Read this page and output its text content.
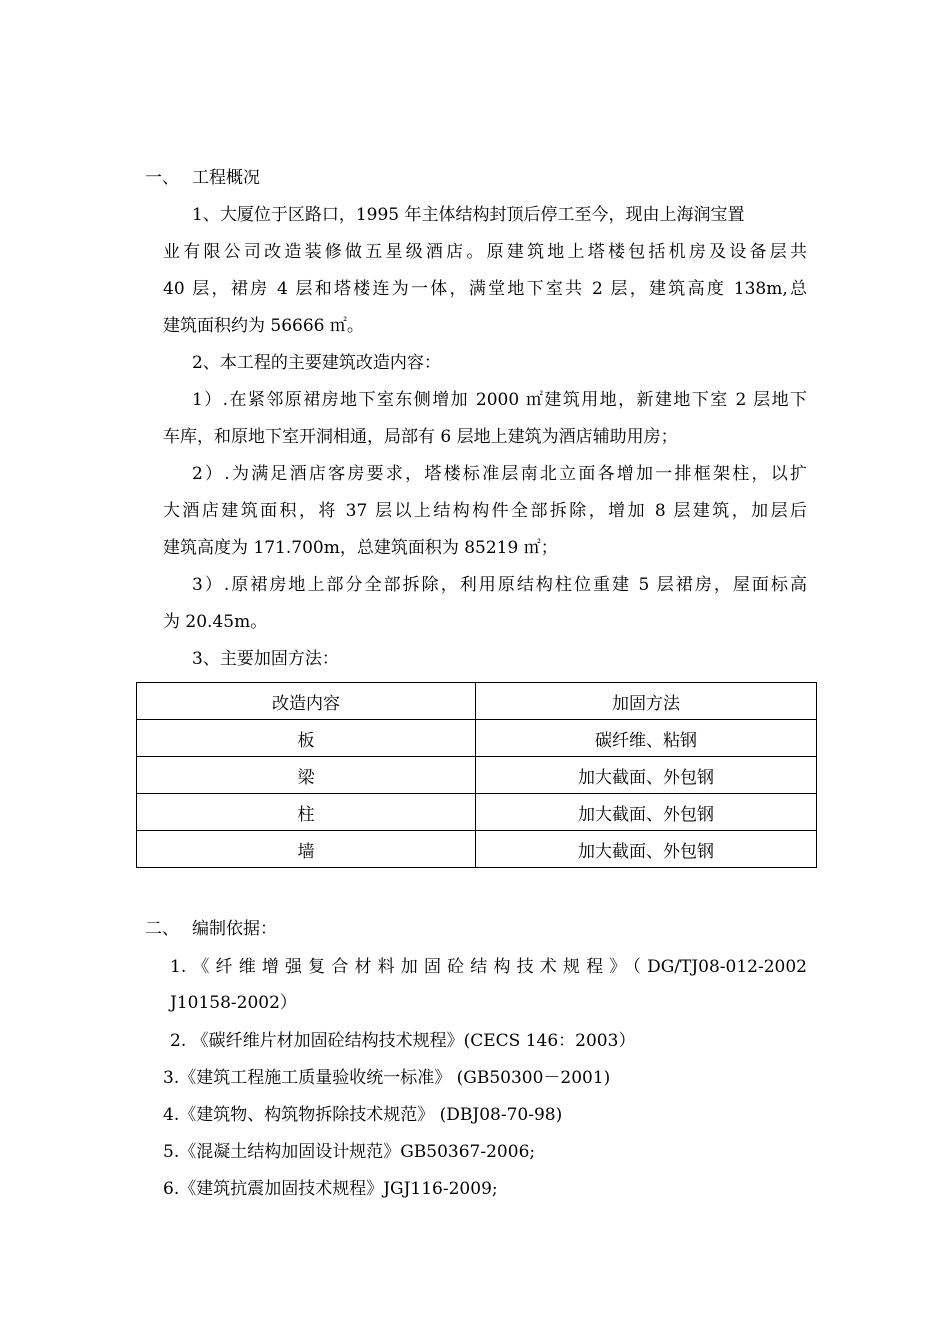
一、 工程概况
1、大厦位于区路口，1995 年主体结构封顶后停工至今，现由上海润宝置
业有限公司改造装修做五星级酒店。原建筑地上塔楼包括机房及设备层共
40 层，裙房 4 层和塔楼连为一体，满堂地下室共 2 层，建筑高度 138m,总
建筑面积约为 56666 ㎡。
2、本工程的主要建筑改造内容：
1）.在紧邻原裙房地下室东侧增加 2000 ㎡建筑用地，新建地下室 2 层地下
车库，和原地下室开洞相通，局部有 6 层地上建筑为酒店辅助用房；
2）.为满足酒店客房要求，塔楼标准层南北立面各增加一排框架柱，以扩
大酒店建筑面积，将 37 层以上结构构件全部拆除，增加 8 层建筑，加层后
建筑高度为 171.700m，总建筑面积为 85219 ㎡；
3）.原裙房地上部分全部拆除，利用原结构柱位重建 5 层裙房，屋面标高
为 20.45m。
3、主要加固方法：
改造内容	加固方法
板	碳纤维、粘钢
梁	加大截面、外包钢
柱	加大截面、外包钢
墙	加大截面、外包钢
二、 编制依据：
1.《纤维增强复合材料加固砼结构技术规程》（DG/TJ08-012-2002
J10158-2002）
2. 《碳纤维片材加固砼结构技术规程》(CECS 146：2003）
3.《建筑工程施工质量验收统一标准》 (GB50300－2001)
4.《建筑物、构筑物拆除技术规范》 (DBJ08-70-98)
5.《混凝土结构加固设计规范》GB50367-2006;
6.《建筑抗震加固技术规程》JGJ116-2009;
